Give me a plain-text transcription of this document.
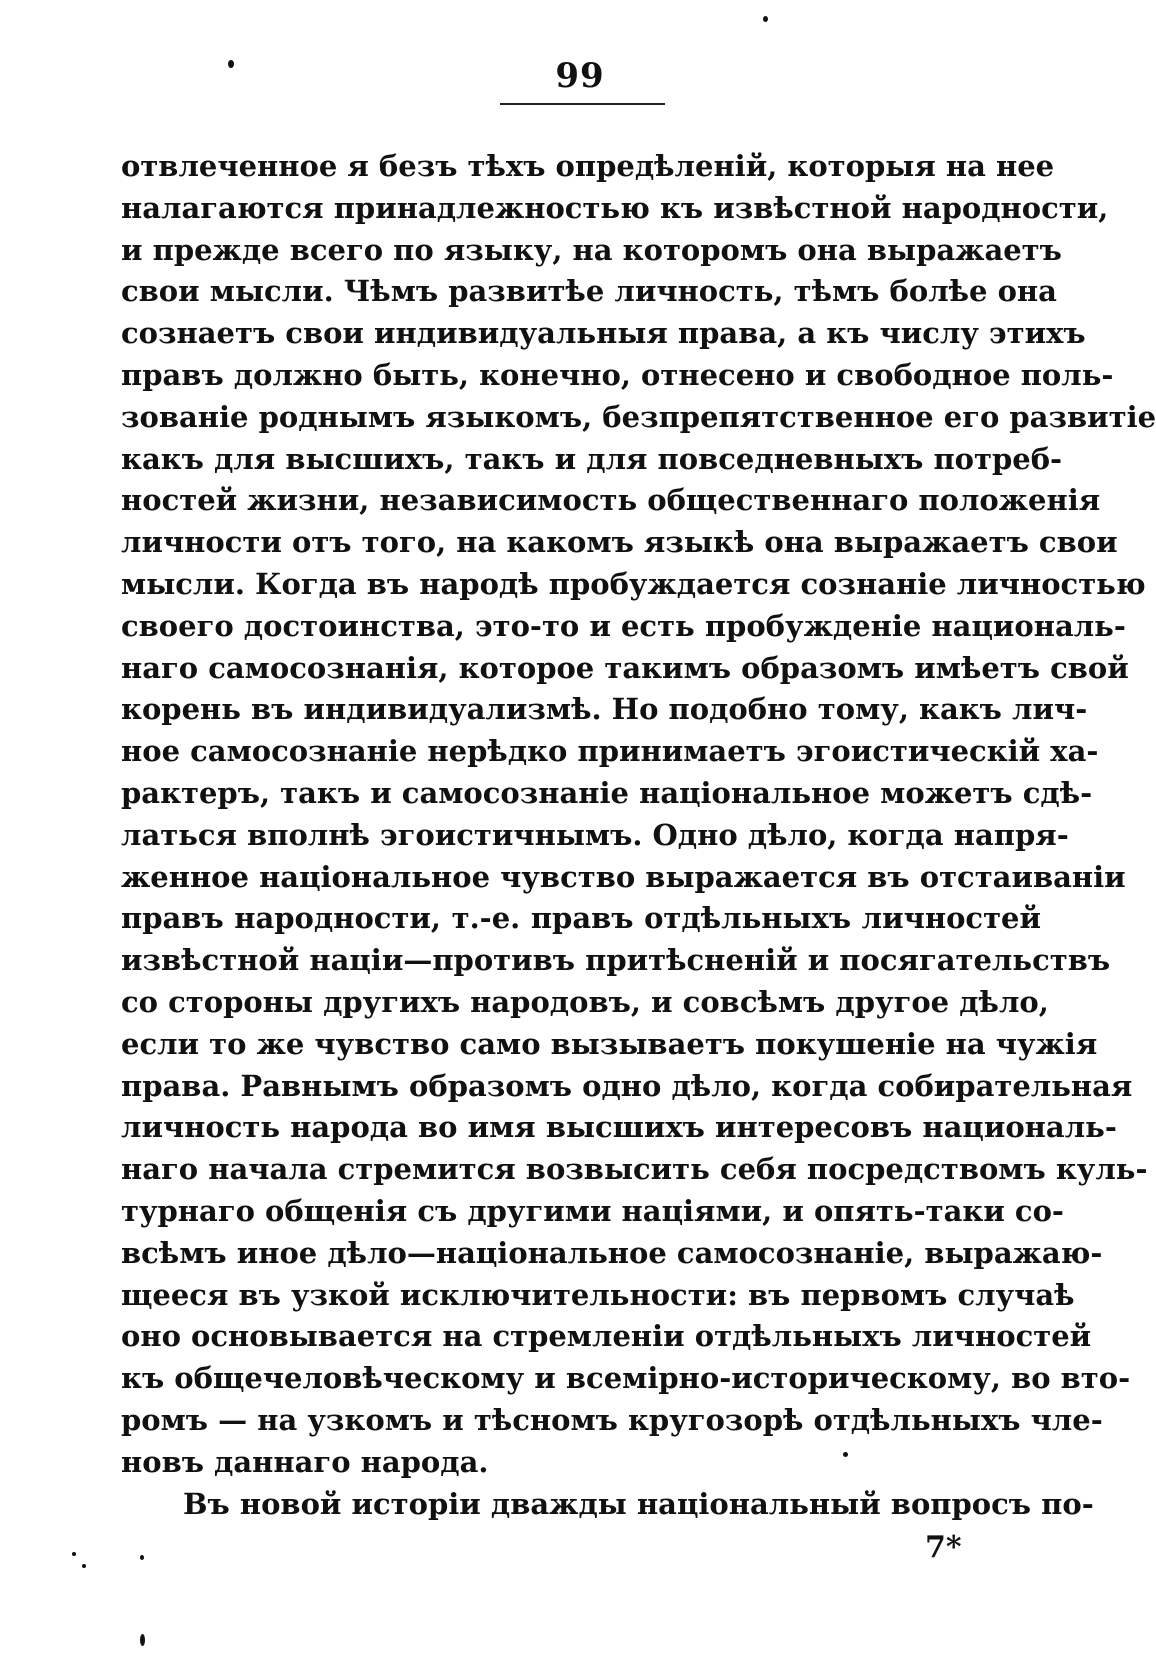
99
отвлеченное я безъ тѣхъ опредѣленій, которыя на нее
налагаются принадлежностью къ извѣстной народности,
и прежде всего по языку, на которомъ она выражаетъ
свои мысли. Чѣмъ развитѣе личность, тѣмъ болѣе она
сознаетъ свои индивидуальныя права, а къ числу этихъ
правъ должно быть, конечно, отнесено и свободное поль-
зованіе роднымъ языкомъ, безпрепятственное его развитіе
какъ для высшихъ, такъ и для повседневныхъ потреб-
ностей жизни, независимость общественнаго положенія
личности отъ того, на какомъ языкѣ она выражаетъ свои
мысли. Когда въ народѣ пробуждается сознаніе личностью
своего достоинства, это-то и есть пробужденіе националь-
наго самосознанія, которое такимъ образомъ имѣетъ свой
корень въ индивидуализмѣ. Но подобно тому, какъ лич-
ное самосознаніе нерѣдко принимаетъ эгоистическій ха-
рактеръ, такъ и самосознаніе національное можетъ сдѣ-
латься вполнѣ эгоистичнымъ. Одно дѣло, когда напря-
женное національное чувство выражается въ отстаиваніи
правъ народности, т.-е. правъ отдѣльныхъ личностей
извѣстной націи—противъ притѣсненій и посягательствъ
со стороны другихъ народовъ, и совсѣмъ другое дѣло,
если то же чувство само вызываетъ покушеніе на чужія
права. Равнымъ образомъ одно дѣло, когда собирательная
личность народа во имя высшихъ интересовъ националь-
наго начала стремится возвысить себя посредствомъ куль-
турнаго общенія съ другими націями, и опять-таки со-
всѣмъ иное дѣло—національное самосознаніе, выражаю-
щееся въ узкой исключительности: въ первомъ случаѣ
оно основывается на стремленіи отдѣльныхъ личностей
къ общечеловѣческому и всемірно-историческому, во вто-
ромъ — на узкомъ и тѣсномъ кругозорѣ отдѣльныхъ чле-
новъ даннаго народа.
Въ новой исторіи дважды національный вопросъ по-
7*
